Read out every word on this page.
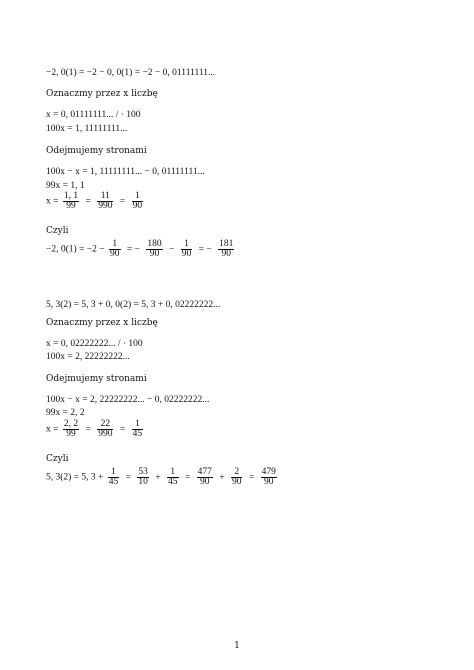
−2, 0(1) = −2 − 0, 0(1) = −2 − 0, 01111111...
Oznaczmy przez x liczbę
x = 0, 01111111... / · 100
100x = 1, 11111111...
Odejmujemy stronami
100x − x = 1, 11111111... − 0, 01111111...
99x = 1, 1
$x = \frac{1, 1}{99} = \frac{11}{990} = \frac{1}{90}$
Czyli
−2, $0(1) = -2 - \frac{1}{90}$ = − $\frac{180}{90} - \frac{1}{90}$ = − $\frac{181}{90}$
5, 3(2) = 5, 3 + 0, 0(2) = 5, 3 + 0, 02222222...
Oznaczmy przez x liczbę
x = 0, 02222222... / · 100
100x = 2, 22222222...
Odejmujemy stronami
100x − x = 2, 22222222... − 0, 02222222...
99x = 2, 2
$x = \frac{2, 2}{99} = \frac{22}{990} = \frac{1}{45}$
Czyli
5, 3(2) = 5, $3 + \frac{1}{45} = \frac{53}{10} + \frac{1}{45} = \frac{477}{90} + \frac{2}{90} = \frac{479}{90}$
1
